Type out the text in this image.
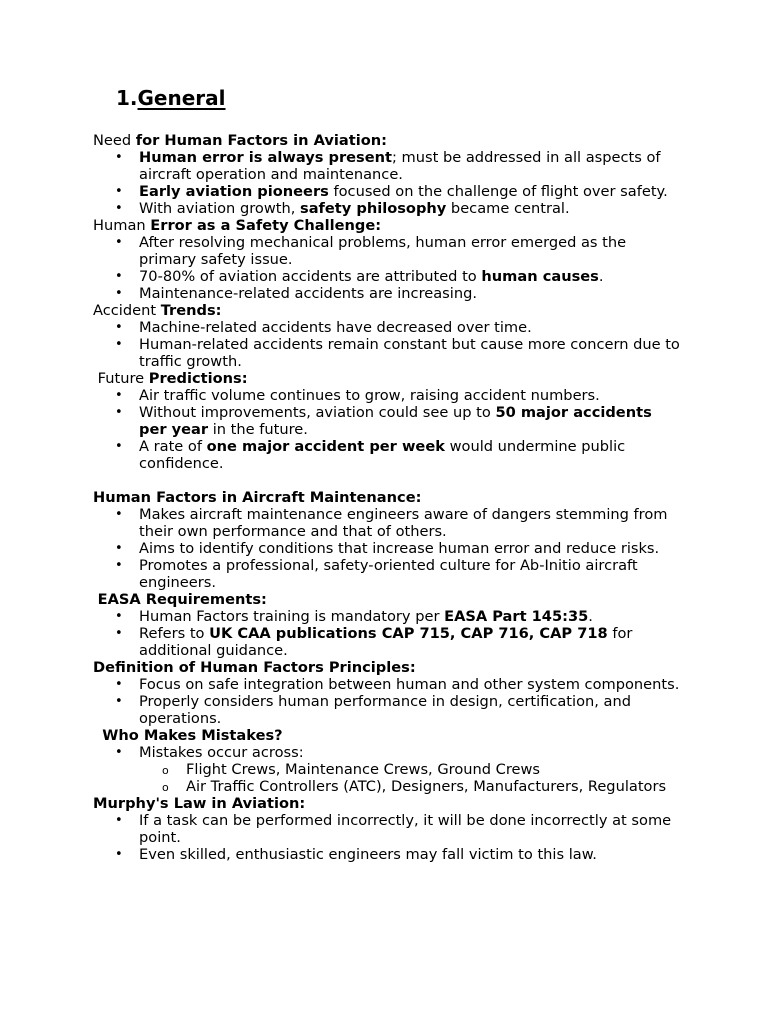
1.General
Need for Human Factors in Aviation:
• Human error is always present; must be addressed in all aspects of aircraft operation and maintenance.
• Early aviation pioneers focused on the challenge of flight over safety.
• With aviation growth, safety philosophy became central.
Human Error as a Safety Challenge:
• After resolving mechanical problems, human error emerged as the primary safety issue.
• 70-80% of aviation accidents are attributed to human causes.
• Maintenance-related accidents are increasing.
Accident Trends:
• Machine-related accidents have decreased over time.
• Human-related accidents remain constant but cause more concern due to traffic growth.
Future Predictions:
• Air traffic volume continues to grow, raising accident numbers.
• Without improvements, aviation could see up to 50 major accidents per year in the future.
• A rate of one major accident per week would undermine public confidence.
Human Factors in Aircraft Maintenance:
• Makes aircraft maintenance engineers aware of dangers stemming from their own performance and that of others.
• Aims to identify conditions that increase human error and reduce risks.
• Promotes a professional, safety-oriented culture for Ab-Initio aircraft engineers.
EASA Requirements:
• Human Factors training is mandatory per EASA Part 145:35.
• Refers to UK CAA publications CAP 715, CAP 716, CAP 718 for additional guidance.
Definition of Human Factors Principles:
• Focus on safe integration between human and other system components.
• Properly considers human performance in design, certification, and operations.
Who Makes Mistakes?
• Mistakes occur across:
o Flight Crews, Maintenance Crews, Ground Crews
o Air Traffic Controllers (ATC), Designers, Manufacturers, Regulators
Murphy's Law in Aviation:
• If a task can be performed incorrectly, it will be done incorrectly at some point.
• Even skilled, enthusiastic engineers may fall victim to this law.
